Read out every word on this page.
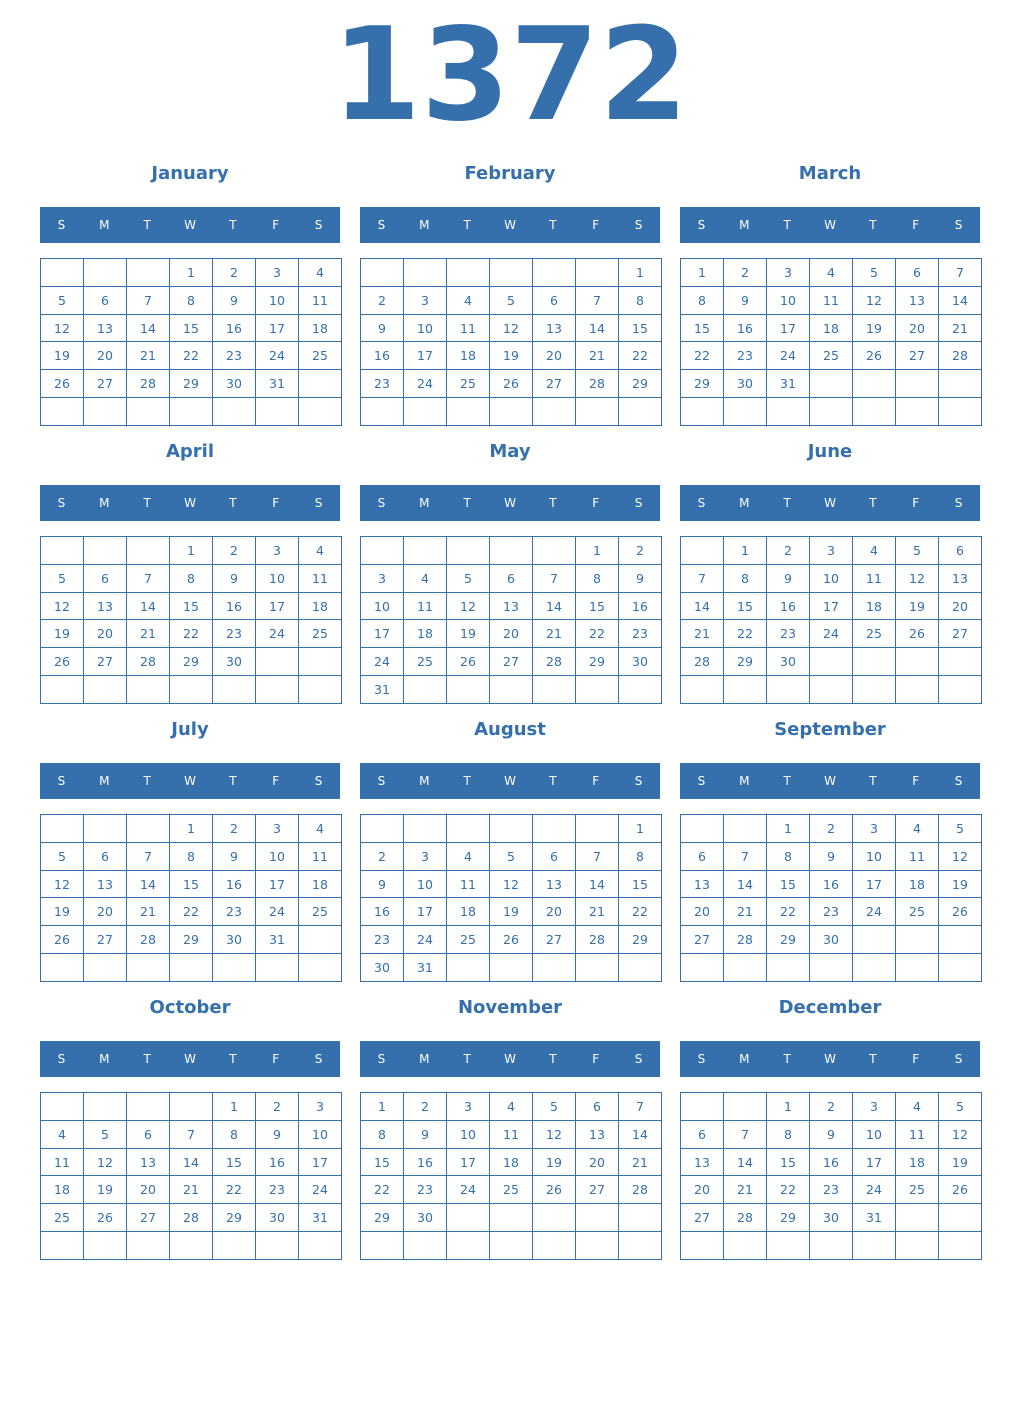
1372
January
S	M	T	W	T	F	S
			1	2	3	4
5	6	7	8	9	10	11
12	13	14	15	16	17	18
19	20	21	22	23	24	25
26	27	28	29	30	31	

February
S	M	T	W	T	F	S
						1
2	3	4	5	6	7	8
9	10	11	12	13	14	15
16	17	18	19	20	21	22
23	24	25	26	27	28	29

March
S	M	T	W	T	F	S
1	2	3	4	5	6	7
8	9	10	11	12	13	14
15	16	17	18	19	20	21
22	23	24	25	26	27	28
29	30	31				

April
S	M	T	W	T	F	S
			1	2	3	4
5	6	7	8	9	10	11
12	13	14	15	16	17	18
19	20	21	22	23	24	25
26	27	28	29	30		

May
S	M	T	W	T	F	S
					1	2
3	4	5	6	7	8	9
10	11	12	13	14	15	16
17	18	19	20	21	22	23
24	25	26	27	28	29	30
31						
June
S	M	T	W	T	F	S
	1	2	3	4	5	6
7	8	9	10	11	12	13
14	15	16	17	18	19	20
21	22	23	24	25	26	27
28	29	30				

July
S	M	T	W	T	F	S
			1	2	3	4
5	6	7	8	9	10	11
12	13	14	15	16	17	18
19	20	21	22	23	24	25
26	27	28	29	30	31	

August
S	M	T	W	T	F	S
						1
2	3	4	5	6	7	8
9	10	11	12	13	14	15
16	17	18	19	20	21	22
23	24	25	26	27	28	29
30	31					
September
S	M	T	W	T	F	S
		1	2	3	4	5
6	7	8	9	10	11	12
13	14	15	16	17	18	19
20	21	22	23	24	25	26
27	28	29	30			

October
S	M	T	W	T	F	S
				1	2	3
4	5	6	7	8	9	10
11	12	13	14	15	16	17
18	19	20	21	22	23	24
25	26	27	28	29	30	31

November
S	M	T	W	T	F	S
1	2	3	4	5	6	7
8	9	10	11	12	13	14
15	16	17	18	19	20	21
22	23	24	25	26	27	28
29	30					

December
S	M	T	W	T	F	S
		1	2	3	4	5
6	7	8	9	10	11	12
13	14	15	16	17	18	19
20	21	22	23	24	25	26
27	28	29	30	31		
